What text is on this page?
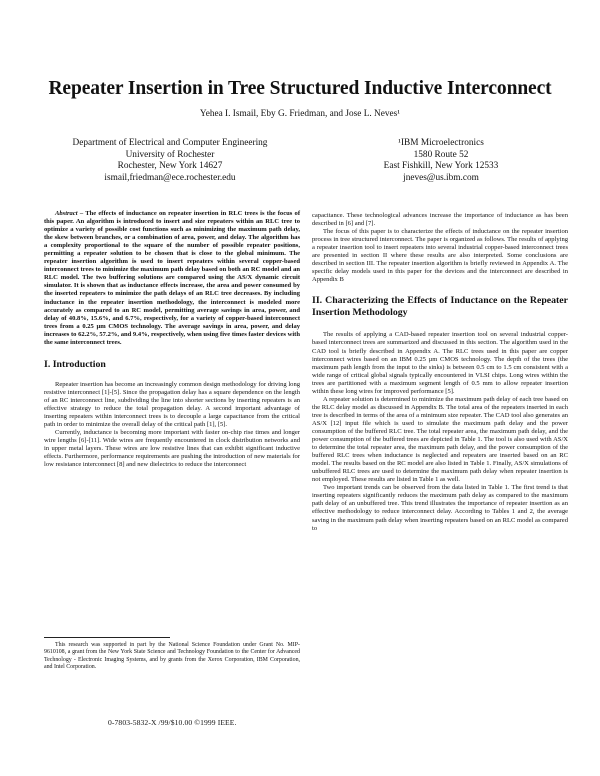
Repeater Insertion in Tree Structured Inductive Interconnect
Yehea I. Ismail, Eby G. Friedman, and Jose L. Neves¹
Department of Electrical and Computer Engineering
University of Rochester
Rochester, New York 14627
ismail,friedman@ece.rochester.edu
¹IBM Microelectronics
1580 Route 52
East Fishkill, New York 12533
jneves@us.ibm.com

Abstract – The effects of inductance on repeater insertion in RLC trees is the focus of this paper. An algorithm is introduced to insert and size repeaters within an RLC tree to optimize a variety of possible cost functions such as minimizing the maximum path delay, the skew between branches, or a combination of area, power, and delay. The algorithm has a complexity proportional to the square of the number of possible repeater positions, permitting a repeater solution to be chosen that is close to the global minimum. The repeater insertion algorithm is used to insert repeaters within several copper-based interconnect trees to minimize the maximum path delay based on both an RC model and an RLC model. The two buffering solutions are compared using the AS/X dynamic circuit simulator. It is shown that as inductance effects increase, the area and power consumed by the inserted repeaters to minimize the path delays of an RLC tree decreases. By including inductance in the repeater insertion methodology, the interconnect is modeled more accurately as compared to an RC model, permitting average savings in area, power, and delay of 40.8%, 15.6%, and 6.7%, respectively, for a variety of copper-based interconnect trees from a 0.25 µm CMOS technology. The average savings in area, power, and delay increases to 62.2%, 57.2%, and 9.4%, respectively, when using five times faster devices with the same interconnect trees.

I. Introduction

Repeater insertion has become an increasingly common design methodology for driving long resistive interconnect [1]-[5]. Since the propagation delay has a square dependence on the length of an RC interconnect line, subdividing the line into shorter sections by inserting repeaters is an effective strategy to reduce the total propagation delay. A second important advantage of inserting repeaters within interconnect trees is to decouple a large capacitance from the critical path in order to minimize the overall delay of the critical path [1], [5].

Currently, inductance is becoming more important with faster on-chip rise times and longer wire lengths [6]-[11]. Wide wires are frequently encountered in clock distribution networks and in upper metal layers. These wires are low resistive lines that can exhibit significant inductive effects. Furthermore, performance requirements are pushing the introduction of new materials for low resistance interconnect [8] and new dielectrics to reduce the interconnect

This research was supported in part by the National Science Foundation under Grant No. MIP-9610108, a grant from the New York State Science and Technology Foundation to the Center for Advanced Technology - Electronic Imaging Systems, and by grants from the Xerox Corporation, IBM Corporation, and Intel Corporation.

0-7803-5832-X /99/$10.00 ©1999 IEEE.

capacitance. These technological advances increase the importance of inductance as has been described in [6] and [7].

The focus of this paper is to characterize the effects of inductance on the repeater insertion process in tree structured interconnect. The paper is organized as follows. The results of applying a repeater insertion tool to insert repeaters into several industrial copper-based interconnect trees are presented in section II where these results are also interpreted. Some conclusions are described in section III. The repeater insertion algorithm is briefly reviewed in Appendix A. The specific delay models used in this paper for the devices and the interconnect are described in Appendix B

II. Characterizing the Effects of Inductance on the Repeater Insertion Methodology

The results of applying a CAD-based repeater insertion tool on several industrial copper-based interconnect trees are summarized and discussed in this section. The algorithm used in the CAD tool is briefly described in Appendix A. The RLC trees used in this paper are copper interconnect wires based on an IBM 0.25 µm CMOS technology. The depth of the trees (the maximum path length from the input to the sinks) is between 0.5 cm to 1.5 cm consistent with a wide range of critical global signals typically encountered in VLSI chips. Long wires within the trees are partitioned with a maximum segment length of 0.5 mm to allow repeater insertion within these long wires for improved performance [5].

A repeater solution is determined to minimize the maximum path delay of each tree based on the RLC delay model as discussed in Appendix B. The total area of the repeaters inserted in each tree is described in terms of the area of a minimum size repeater. The CAD tool also generates an AS/X [12] input file which is used to simulate the maximum path delay and the power consumption of the buffered RLC tree. The total repeater area, the maximum path delay, and the power consumption of the buffered trees are depicted in Table 1. The tool is also used with AS/X to determine the total repeater area, the maximum path delay, and the power consumption of the buffered RLC trees when inductance is neglected and repeaters are inserted based on an RC model. The results based on the RC model are also listed in Table 1. Finally, AS/X simulations of unbuffered RLC trees are used to determine the maximum path delay when repeater insertion is not employed. These results are listed in Table 1 as well.

Two important trends can be observed from the data listed in Table 1. The first trend is that inserting repeaters significantly reduces the maximum path delay as compared to the maximum path delay of an unbuffered tree. This trend illustrates the importance of repeater insertion as an effective methodology to reduce interconnect delay. According to Tables 1 and 2, the average saving in the maximum path delay when inserting repeaters based on an RLC model as compared to
